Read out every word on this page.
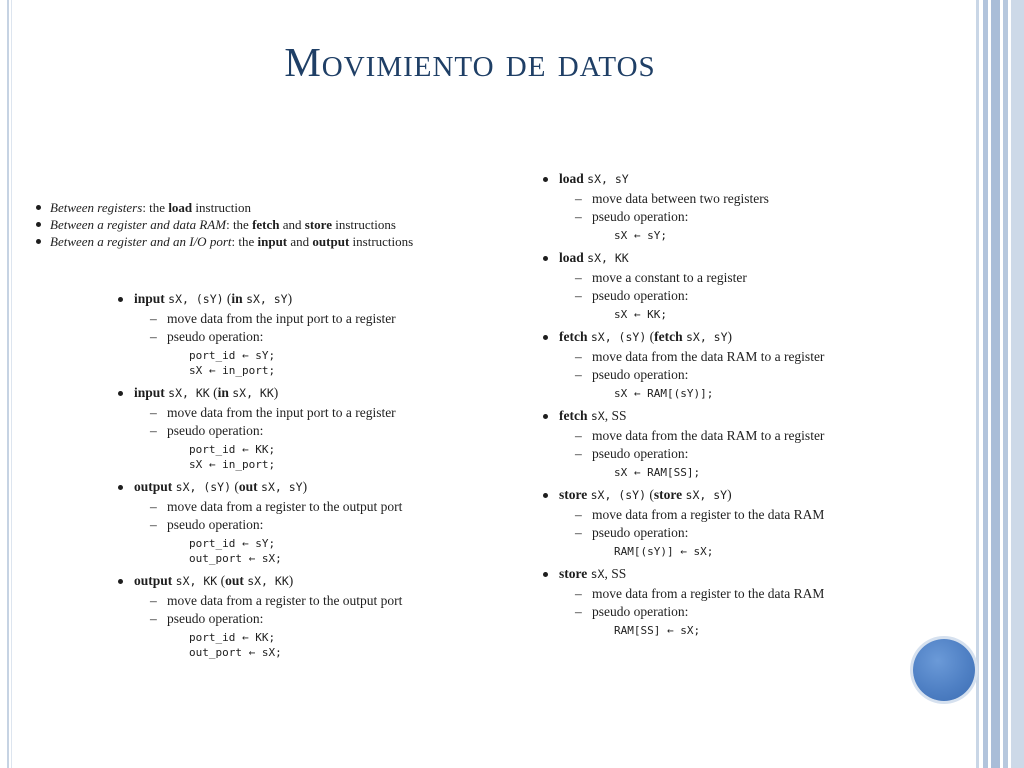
Movimiento de datos
Between registers: the load instruction
Between a register and data RAM: the fetch and store instructions
Between a register and an I/O port: the input and output instructions
input sX, (sY) (in sX, sY)
– move data from the input port to a register
– pseudo operation:
port_id ← sY;
sX ← in_port;
input sX, KK (in sX, KK)
– move data from the input port to a register
– pseudo operation:
port_id ← KK;
sX ← in_port;
output sX, (sY) (out sX, sY)
– move data from a register to the output port
– pseudo operation:
port_id ← sY;
out_port ← sX;
output sX, KK (out sX, KK)
– move data from a register to the output port
– pseudo operation:
port_id ← KK;
out_port ← sX;
load sX, sY
– move data between two registers
– pseudo operation:
sX ← sY;
load sX, KK
– move a constant to a register
– pseudo operation:
sX ← KK;
fetch sX, (sY) (fetch sX, sY)
– move data from the data RAM to a register
– pseudo operation:
sX ← RAM[(sY)];
fetch sX, SS
– move data from the data RAM to a register
– pseudo operation:
sX ← RAM[SS];
store sX, (sY) (store sX, sY)
– move data from a register to the data RAM
– pseudo operation:
RAM[(sY)] ← sX;
store sX, SS
– move data from a register to the data RAM
– pseudo operation:
RAM[SS] ← sX;
